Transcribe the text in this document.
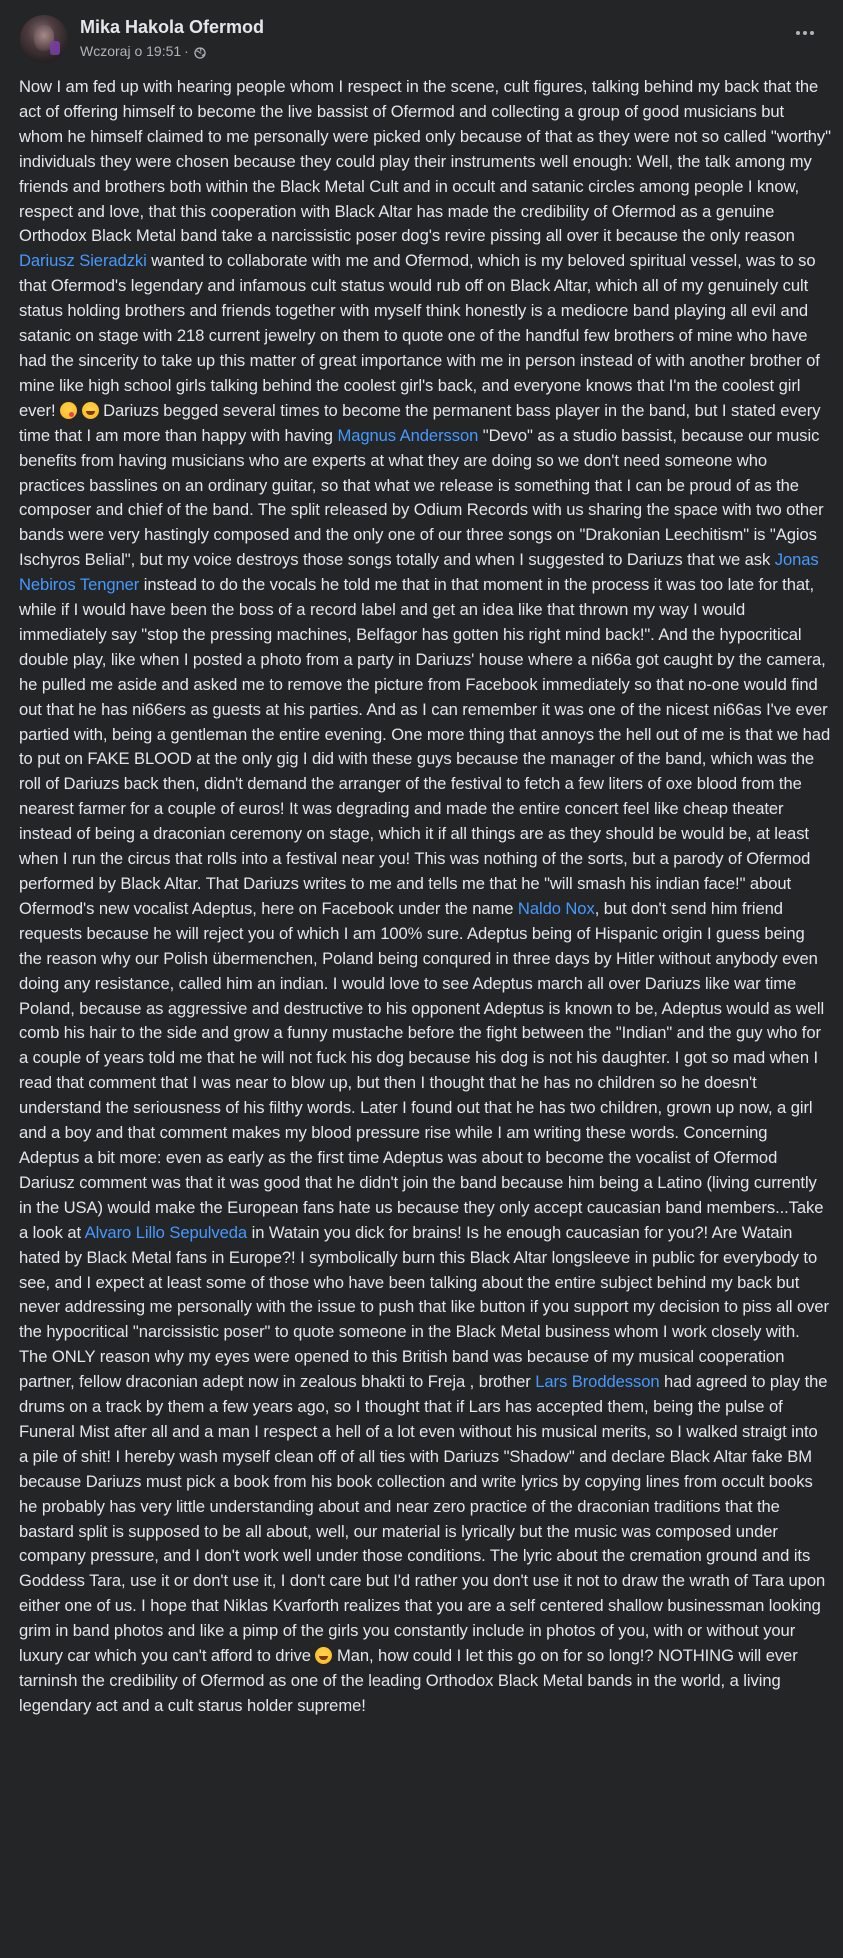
Mika Hakola Ofermod
Wczoraj o 19:51 ·
Now I am fed up with hearing people whom I respect in the scene, cult figures, talking behind my back that the act of offering himself to become the live bassist of Ofermod and collecting a group of good musicians but whom he himself claimed to me personally were picked only because of that as they were not so called "worthy" individuals they were chosen because they could play their instruments well enough: Well, the talk among my friends and brothers both within the Black Metal Cult and in occult and satanic circles among people I know, respect and love, that this cooperation with Black Altar has made the credibility of Ofermod as a genuine Orthodox Black Metal band take a narcissistic poser dog's revire pissing all over it because the only reason Dariusz Sieradzki wanted to collaborate with me and Ofermod, which is my beloved spiritual vessel, was to so that Ofermod's legendary and infamous cult status would rub off on Black Altar, which all of my genuinely cult status holding brothers and friends together with myself think honestly is a mediocre band playing all evil and satanic on stage with 218 current jewelry on them to quote one of the handful few brothers of mine who have had the sincerity to take up this matter of great importance with me in person instead of with another brother of mine like high school girls talking behind the coolest girl's back, and everyone knows that I'm the coolest girl ever!   Dariuzs begged several times to become the permanent bass player in the band, but I stated every time that I am more than happy with having Magnus Andersson "Devo" as a studio bassist, because our music benefits from having musicians who are experts at what they are doing so we don't need someone who practices basslines on an ordinary guitar, so that what we release is something that I can be proud of as the composer and chief of the band. The split released by Odium Records with us sharing the space with two other bands were very hastingly composed and the only one of our three songs on "Drakonian Leechitism" is "Agios Ischyros Belial", but my voice destroys those songs totally and when I suggested to Dariuzs that we ask Jonas Nebiros Tengner instead to do the vocals he told me that in that moment in the process it was too late for that, while if I would have been the boss of a record label and get an idea like that thrown my way I would immediately say "stop the pressing machines, Belfagor has gotten his right mind back!". And the hypocritical double play, like when I posted a photo from a party in Dariuzs' house where a ni66a got caught by the camera, he pulled me aside and asked me to remove the picture from Facebook immediately so that no-one would find out that he has ni66ers as guests at his parties. And as I can remember it was one of the nicest ni66as I've ever partied with, being a gentleman the entire evening. One more thing that annoys the hell out of me is that we had to put on FAKE BLOOD at the only gig I did with these guys because the manager of the band, which was the roll of Dariuzs back then, didn't demand the arranger of the festival to fetch a few liters of oxe blood from the nearest farmer for a couple of euros! It was degrading and made the entire concert feel like cheap theater instead of being a draconian ceremony on stage, which it if all things are as they should be would be, at least when I run the circus that rolls into a festival near you! This was nothing of the sorts, but a parody of Ofermod performed by Black Altar. That Dariuzs writes to me and tells me that he "will smash his indian face!" about Ofermod's new vocalist Adeptus, here on Facebook under the name Naldo Nox, but don't send him friend requests because he will reject you of which I am 100% sure. Adeptus being of Hispanic origin I guess being the reason why our Polish übermenchen, Poland being conqured in three days by Hitler without anybody even doing any resistance, called him an indian. I would love to see Adeptus march all over Dariuzs like war time Poland, because as aggressive and destructive to his opponent Adeptus is known to be, Adeptus would as well comb his hair to the side and grow a funny mustache before the fight between the "Indian" and the guy who for a couple of years told me that he will not fuck his dog because his dog is not his daughter. I got so mad when I read that comment that I was near to blow up, but then I thought that he has no children so he doesn't understand the seriousness of his filthy words. Later I found out that he has two children, grown up now, a girl and a boy and that comment makes my blood pressure rise while I am writing these words. Concerning Adeptus a bit more: even as early as the first time Adeptus was about to become the vocalist of Ofermod Dariusz comment was that it was good that he didn't join the band because him being a Latino (living currently in the USA) would make the European fans hate us because they only accept caucasian band members...Take a look at Alvaro Lillo Sepulveda in Watain you dick for brains! Is he enough caucasian for you?! Are Watain hated by Black Metal fans in Europe?! I symbolically burn this Black Altar longsleeve in public for everybody to see, and I expect at least some of those who have been talking about the entire subject behind my back but never addressing me personally with the issue to push that like button if you support my decision to piss all over the hypocritical "narcissistic poser" to quote someone in the Black Metal business whom I work closely with. The ONLY reason why my eyes were opened to this British band was because of my musical cooperation partner, fellow draconian adept now in zealous bhakti to Freja , brother Lars Broddesson had agreed to play the drums on a track by them a few years ago, so I thought that if Lars has accepted them, being the pulse of Funeral Mist after all and a man I respect a hell of a lot even without his musical merits, so I walked straigt into a pile of shit! I hereby wash myself clean off of all ties with Dariuzs "Shadow" and declare Black Altar fake BM because Dariuzs must pick a book from his book collection and write lyrics by copying lines from occult books he probably has very little understanding about and near zero practice of the draconian traditions that the bastard split is supposed to be all about, well, our material is lyrically but the music was composed under company pressure, and I don't work well under those conditions. The lyric about the cremation ground and its Goddess Tara, use it or don't use it, I don't care but I'd rather you don't use it not to draw the wrath of Tara upon either one of us. I hope that Niklas Kvarforth realizes that you are a self centered shallow businessman looking grim in band photos and like a pimp of the girls you constantly include in photos of you, with or without your luxury car which you can't afford to drive  Man, how could I let this go on for so long!? NOTHING will ever tarninsh the credibility of Ofermod as one of the leading Orthodox Black Metal bands in the world, a living legendary act and a cult starus holder supreme!
